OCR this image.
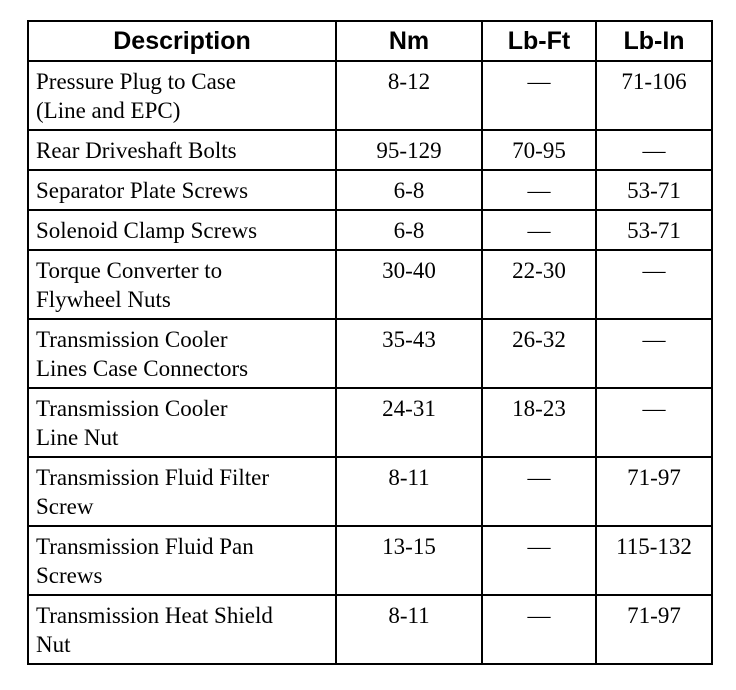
Description	Nm	Lb-Ft	Lb-In
Pressure Plug to Case
(Line and EPC)	8-12	—	71-106
Rear Driveshaft Bolts	95-129	70-95	—
Separator Plate Screws	6-8	—	53-71
Solenoid Clamp Screws	6-8	—	53-71
Torque Converter to
Flywheel Nuts	30-40	22-30	—
Transmission Cooler
Lines Case Connectors	35-43	26-32	—
Transmission Cooler
Line Nut	24-31	18-23	—
Transmission Fluid Filter
Screw	8-11	—	71-97
Transmission Fluid Pan
Screws	13-15	—	115-132
Transmission Heat Shield
Nut	8-11	—	71-97
